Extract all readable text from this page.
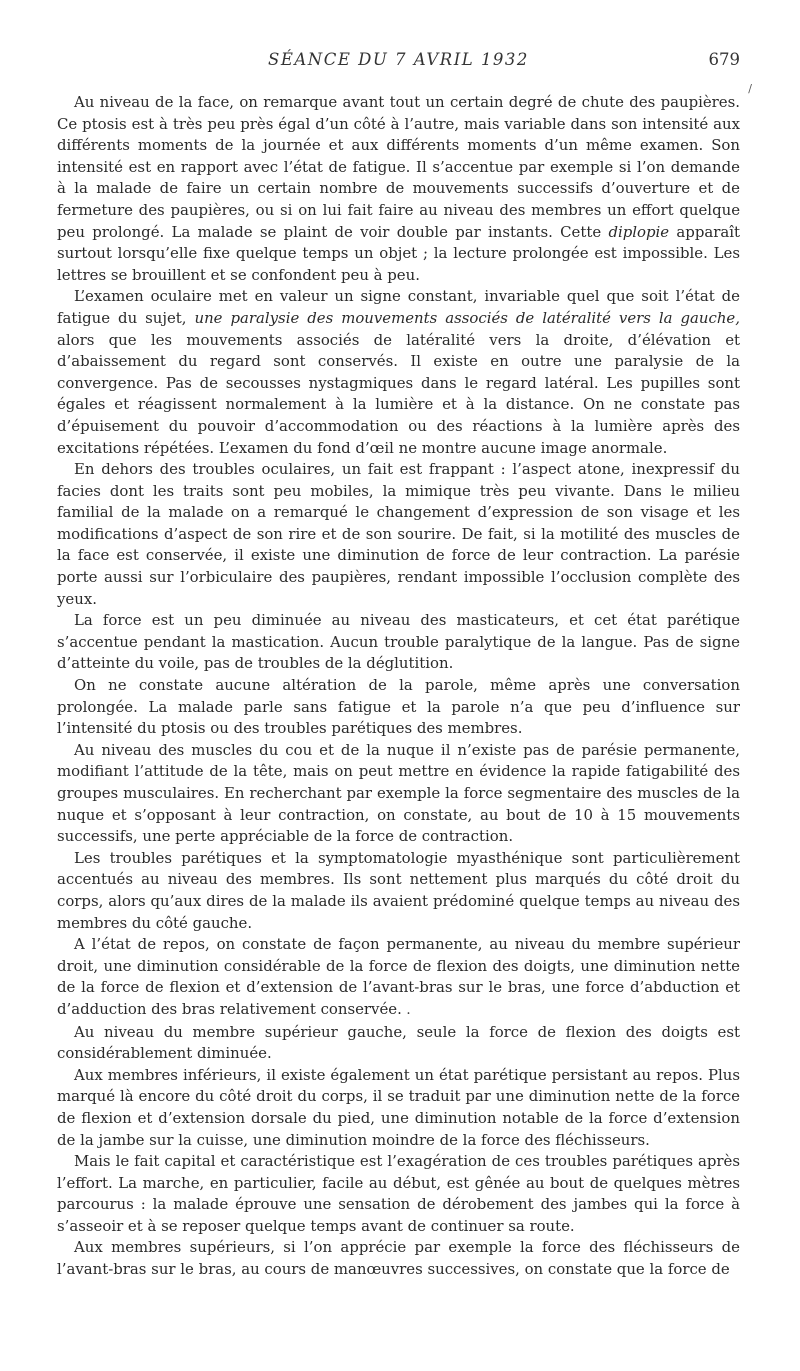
SÉANCE DU 7 AVRIL 1932	679
/

Au niveau de la face, on remarque avant tout un certain degré de chute des paupières. Ce ptosis est à très peu près égal d’un côté à l’autre, mais variable dans son intensité aux différents moments de la journée et aux différents moments d’un même examen. Son intensité est en rapport avec l’état de fatigue. Il s’accentue par exemple si l’on demande à la malade de faire un certain nombre de mouvements successifs d’ouverture et de fermeture des paupières, ou si on lui fait faire au niveau des membres un effort quelque peu prolongé. La malade se plaint de voir double par instants. Cette diplopie apparaît surtout lorsqu’elle fixe quelque temps un objet ; la lecture prolongée est impossible. Les lettres se brouillent et se confondent peu à peu.

L’examen oculaire met en valeur un signe constant, invariable quel que soit l’état de fatigue du sujet, une paralysie des mouvements associés de latéralité vers la gauche, alors que les mouvements associés de latéralité vers la droite, d’élévation et d’abaissement du regard sont conservés. Il existe en outre une paralysie de la convergence. Pas de secousses nystagmiques dans le regard latéral. Les pupilles sont égales et réagissent normalement à la lumière et à la distance. On ne constate pas d’épuisement du pouvoir d’accommodation ou des réactions à la lumière après des excitations répétées. L’examen du fond d’œil ne montre aucune image anormale.

En dehors des troubles oculaires, un fait est frappant : l’aspect atone, inexpressif du facies dont les traits sont peu mobiles, la mimique très peu vivante. Dans le milieu familial de la malade on a remarqué le changement d’expression de son visage et les modifications d’aspect de son rire et de son sourire. De fait, si la motilité des muscles de la face est conservée, il existe une diminution de force de leur contraction. La parésie porte aussi sur l’orbiculaire des paupières, rendant impossible l’occlusion complète des yeux.

La force est un peu diminuée au niveau des masticateurs, et cet état parétique s’accentue pendant la mastication. Aucun trouble paralytique de la langue. Pas de signe d’atteinte du voile, pas de troubles de la déglutition.

On ne constate aucune altération de la parole, même après une conversation prolongée. La malade parle sans fatigue et la parole n’a que peu d’influence sur l’intensité du ptosis ou des troubles parétiques des membres.

Au niveau des muscles du cou et de la nuque il n’existe pas de parésie permanente, modifiant l’attitude de la tête, mais on peut mettre en évidence la rapide fatigabilité des groupes musculaires. En recherchant par exemple la force segmentaire des muscles de la nuque et s’opposant à leur contraction, on constate, au bout de 10 à 15 mouvements successifs, une perte appréciable de la force de contraction.

Les troubles parétiques et la symptomatologie myasthénique sont particulièrement accentués au niveau des membres. Ils sont nettement plus marqués du côté droit du corps, alors qu’aux dires de la malade ils avaient prédominé quelque temps au niveau des membres du côté gauche.

A l’état de repos, on constate de façon permanente, au niveau du membre supérieur droit, une diminution considérable de la force de flexion des doigts, une diminution nette de la force de flexion et d’extension de l’avant-bras sur le bras, une force d’abduction et d’adduction des bras relativement conservée. .

Au niveau du membre supérieur gauche, seule la force de flexion des doigts est considérablement diminuée.

Aux membres inférieurs, il existe également un état parétique persistant au repos. Plus marqué là encore du côté droit du corps, il se traduit par une diminution nette de la force de flexion et d’extension dorsale du pied, une diminution notable de la force d’extension de la jambe sur la cuisse, une diminution moindre de la force des fléchisseurs.

Mais le fait capital et caractéristique est l’exagération de ces troubles parétiques après l’effort. La marche, en particulier, facile au début, est gênée au bout de quelques mètres parcourus : la malade éprouve une sensation de dérobement des jambes qui la force à s’asseoir et à se reposer quelque temps avant de continuer sa route.

Aux membres supérieurs, si l’on apprécie par exemple la force des fléchisseurs de l’avant-bras sur le bras, au cours de manœuvres successives, on constate que la force de
